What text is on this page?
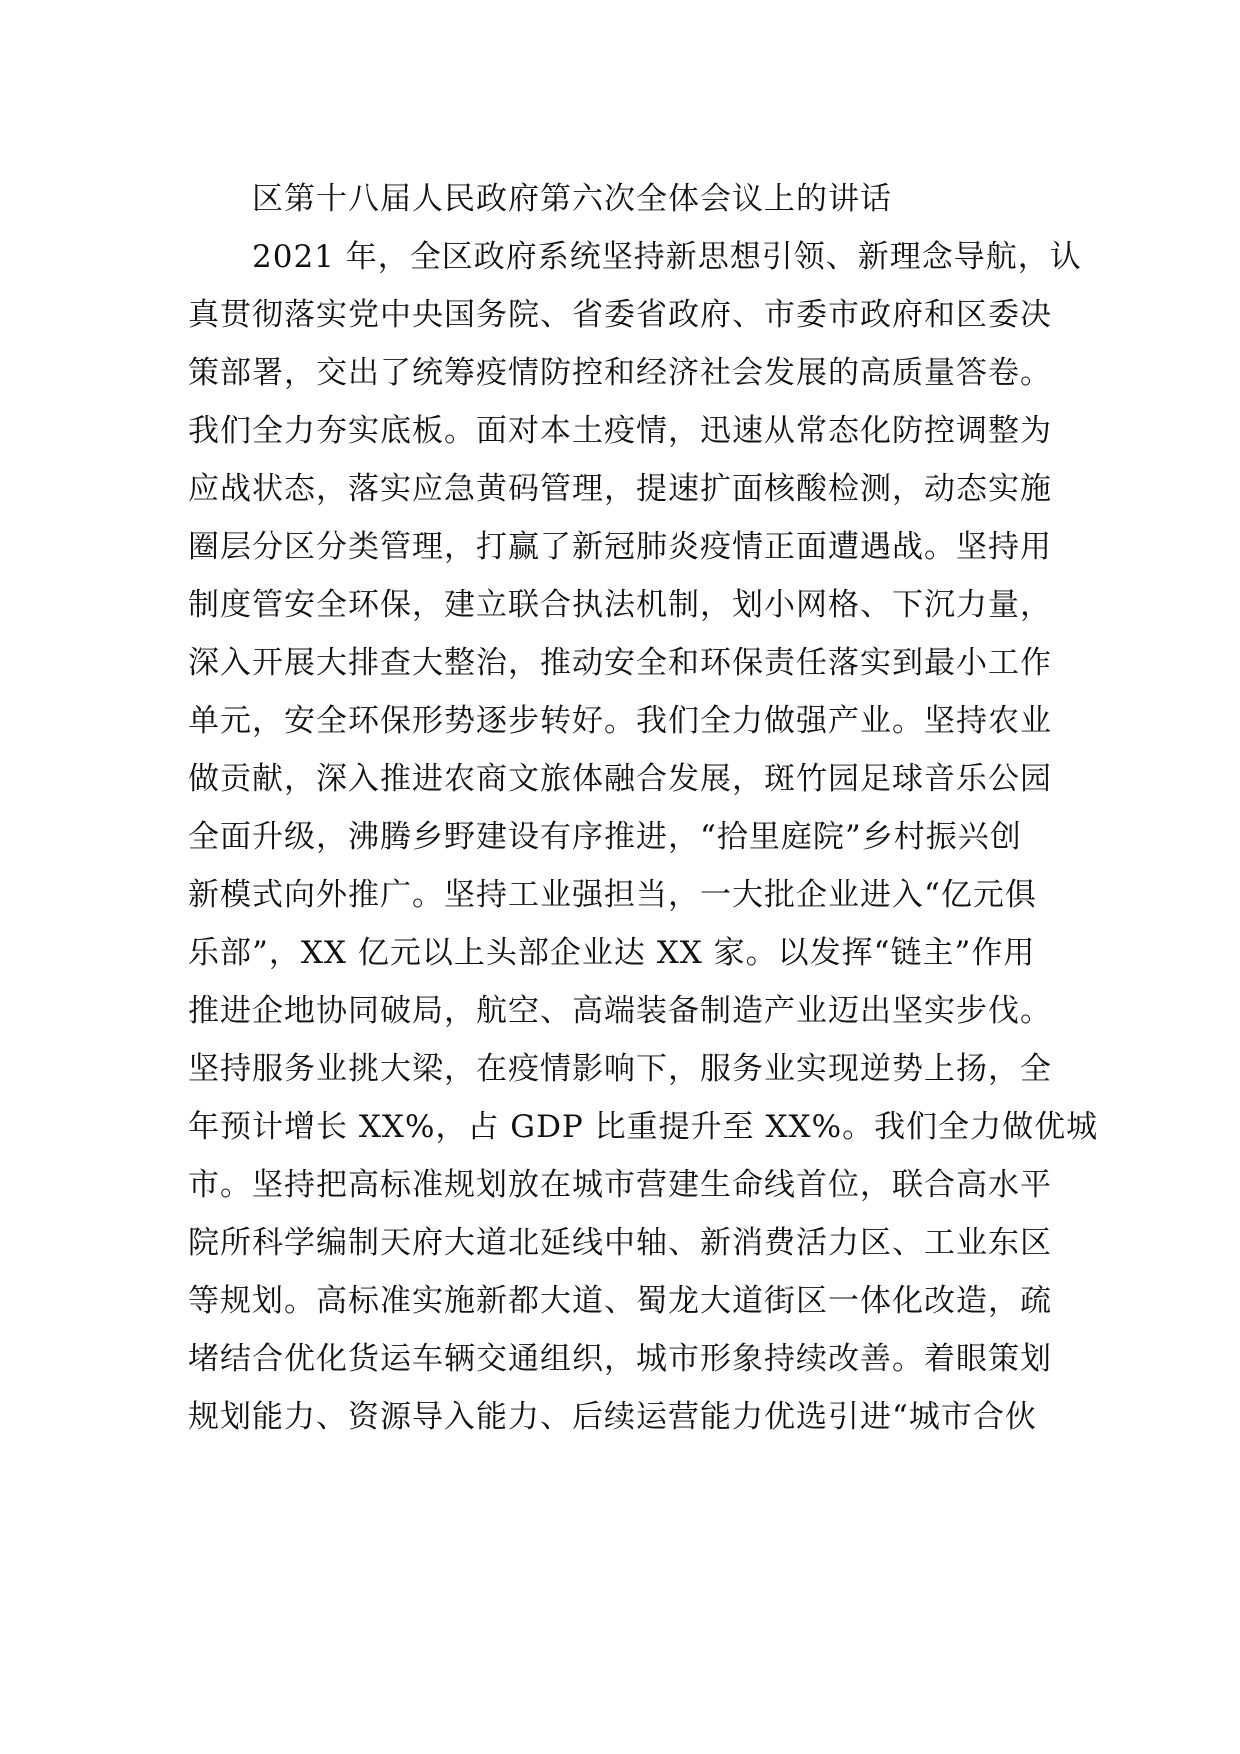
区第十八届人民政府第六次全体会议上的讲话
2021 年，全区政府系统坚持新思想引领、新理念导航，认
真贯彻落实党中央国务院、省委省政府、市委市政府和区委决
策部署，交出了统筹疫情防控和经济社会发展的高质量答卷。
我们全力夯实底板。面对本土疫情，迅速从常态化防控调整为
应战状态，落实应急黄码管理，提速扩面核酸检测，动态实施
圈层分区分类管理，打赢了新冠肺炎疫情正面遭遇战。坚持用
制度管安全环保，建立联合执法机制，划小网格、下沉力量，
深入开展大排查大整治，推动安全和环保责任落实到最小工作
单元，安全环保形势逐步转好。我们全力做强产业。坚持农业
做贡献，深入推进农商文旅体融合发展，斑竹园足球音乐公园
全面升级，沸腾乡野建设有序推进，“拾里庭院”乡村振兴创
新模式向外推广。坚持工业强担当，一大批企业进入“亿元俱
乐部”，XX 亿元以上头部企业达 XX 家。以发挥“链主”作用
推进企地协同破局，航空、高端装备制造产业迈出坚实步伐。
坚持服务业挑大梁，在疫情影响下，服务业实现逆势上扬，全
年预计增长 XX%，占 GDP 比重提升至 XX%。我们全力做优城
市。坚持把高标准规划放在城市营建生命线首位，联合高水平
院所科学编制天府大道北延线中轴、新消费活力区、工业东区
等规划。高标准实施新都大道、蜀龙大道街区一体化改造，疏
堵结合优化货运车辆交通组织，城市形象持续改善。着眼策划
规划能力、资源导入能力、后续运营能力优选引进“城市合伙
